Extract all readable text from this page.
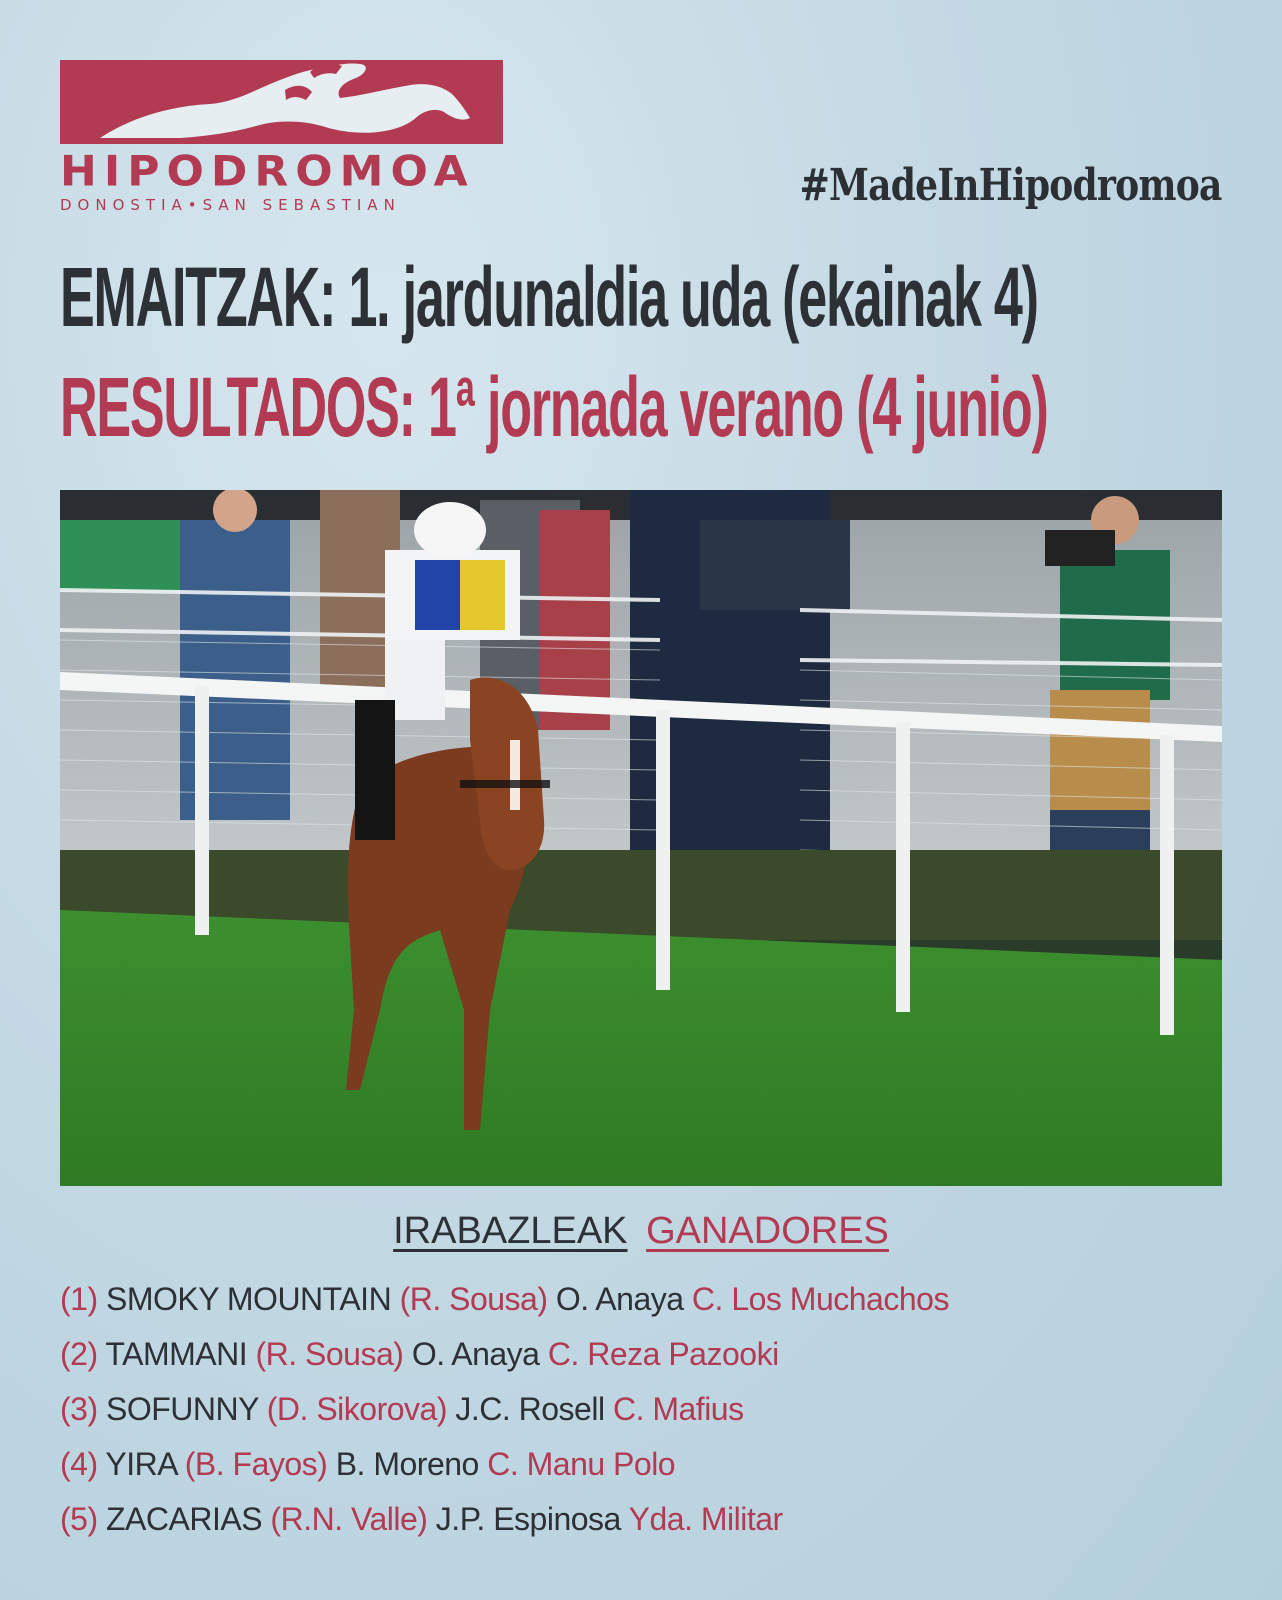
HIPODROMOA
DONOSTIA•SAN SEBASTIAN	#MadeInHipodromoa
EMAITZAK: 1. jardunaldia uda (ekainak 4)
RESULTADOS: 1ª jornada verano (4 junio)
IRABAZLEAK GANADORES
(1) SMOKY MOUNTAIN (R. Sousa) O. Anaya C. Los Muchachos
(2) TAMMANI (R. Sousa) O. Anaya C. Reza Pazooki
(3) SOFUNNY (D. Sikorova) J.C. Rosell C. Mafius
(4) YIRA (B. Fayos) B. Moreno C. Manu Polo
(5) ZACARIAS (R.N. Valle) J.P. Espinosa Yda. Militar
